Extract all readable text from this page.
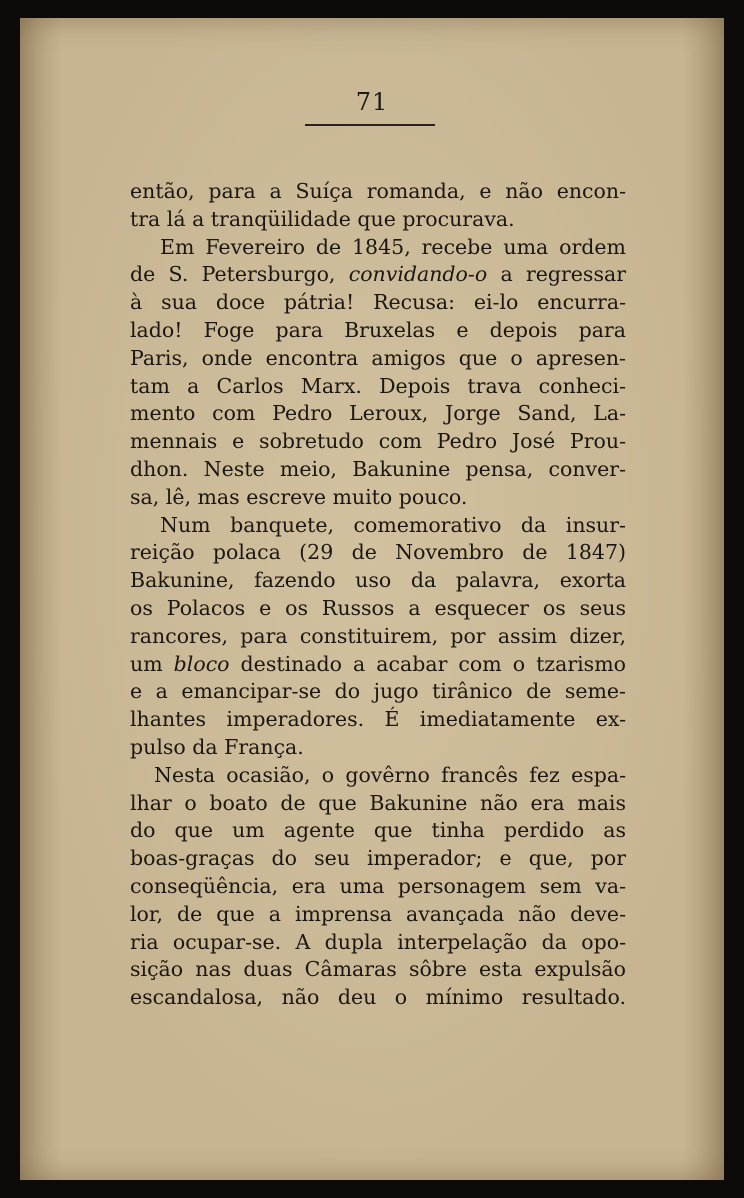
71
então, para a Suíça romanda, e não encon-
tra lá a tranqüilidade que procurava.
Em Fevereiro de 1845, recebe uma ordem
de S. Petersburgo, convidando-o a regressar
à sua doce pátria! Recusa: ei-lo encurra-
lado! Foge para Bruxelas e depois para
Paris, onde encontra amigos que o apresen-
tam a Carlos Marx. Depois trava conheci-
mento com Pedro Leroux, Jorge Sand, La-
mennais e sobretudo com Pedro José Prou-
dhon. Neste meio, Bakunine pensa, conver-
sa, lê, mas escreve muito pouco.
Num banquete, comemorativo da insur-
reição polaca (29 de Novembro de 1847)
Bakunine, fazendo uso da palavra, exorta
os Polacos e os Russos a esquecer os seus
rancores, para constituirem, por assim dizer,
um bloco destinado a acabar com o tzarismo
e a emancipar-se do jugo tirânico de seme-
lhantes imperadores. É imediatamente ex-
pulso da França.
Nesta ocasião, o govêrno francês fez espa-
lhar o boato de que Bakunine não era mais
do que um agente que tinha perdido as
boas-graças do seu imperador; e que, por
conseqüência, era uma personagem sem va-
lor, de que a imprensa avançada não deve-
ria ocupar-se. A dupla interpelação da opo-
sição nas duas Câmaras sôbre esta expulsão
escandalosa, não deu o mínimo resultado.
